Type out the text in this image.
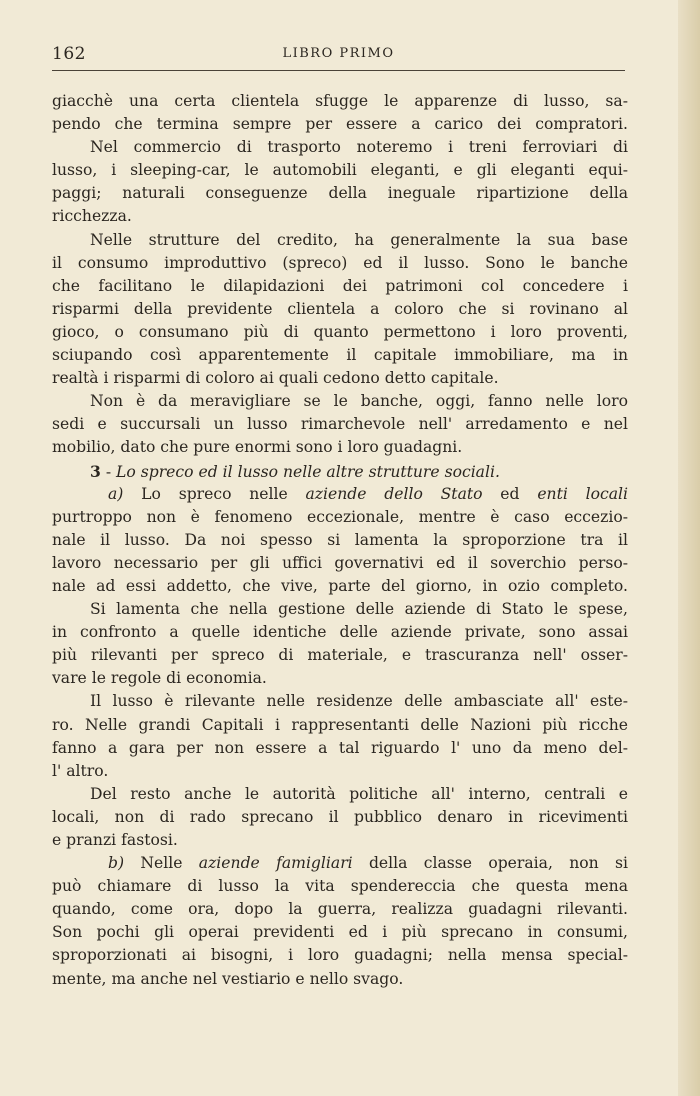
162	LIBRO PRIMO
giacchè una certa clientela sfugge le apparenze di lusso, sa-
pendo che termina sempre per essere a carico dei compratori.
Nel commercio di trasporto noteremo i treni ferroviari di
lusso, i sleeping-car, le automobili eleganti, e gli eleganti equi-
paggi; naturali conseguenze della ineguale ripartizione della
ricchezza.
Nelle strutture del credito, ha generalmente la sua base
il consumo improduttivo (spreco) ed il lusso. Sono le banche
che facilitano le dilapidazioni dei patrimoni col concedere i
risparmi della previdente clientela a coloro che si rovinano al
gioco, o consumano più di quanto permettono i loro proventi,
sciupando così apparentemente il capitale immobiliare, ma in
realtà i risparmi di coloro ai quali cedono detto capitale.
Non è da meravigliare se le banche, oggi, fanno nelle loro
sedi e succursali un lusso rimarchevole nell' arredamento e nel
mobilio, dato che pure enormi sono i loro guadagni.
3 - Lo spreco ed il lusso nelle altre strutture sociali.
a) Lo spreco nelle aziende dello Stato ed enti locali
purtroppo non è fenomeno eccezionale, mentre è caso eccezio-
nale il lusso. Da noi spesso si lamenta la sproporzione tra il
lavoro necessario per gli uffici governativi ed il soverchio perso-
nale ad essi addetto, che vive, parte del giorno, in ozio completo.
Si lamenta che nella gestione delle aziende di Stato le spese,
in confronto a quelle identiche delle aziende private, sono assai
più rilevanti per spreco di materiale, e trascuranza nell' osser-
vare le regole di economia.
Il lusso è rilevante nelle residenze delle ambasciate all' este-
ro. Nelle grandi Capitali i rappresentanti delle Nazioni più ricche
fanno a gara per non essere a tal riguardo l' uno da meno del-
l' altro.
Del resto anche le autorità politiche all' interno, centrali e
locali, non di rado sprecano il pubblico denaro in ricevimenti
e pranzi fastosi.
b) Nelle aziende famigliari della classe operaia, non si
può chiamare di lusso la vita spendereccia che questa mena
quando, come ora, dopo la guerra, realizza guadagni rilevanti.
Son pochi gli operai previdenti ed i più sprecano in consumi,
sproporzionati ai bisogni, i loro guadagni; nella mensa special-
mente, ma anche nel vestiario e nello svago.
